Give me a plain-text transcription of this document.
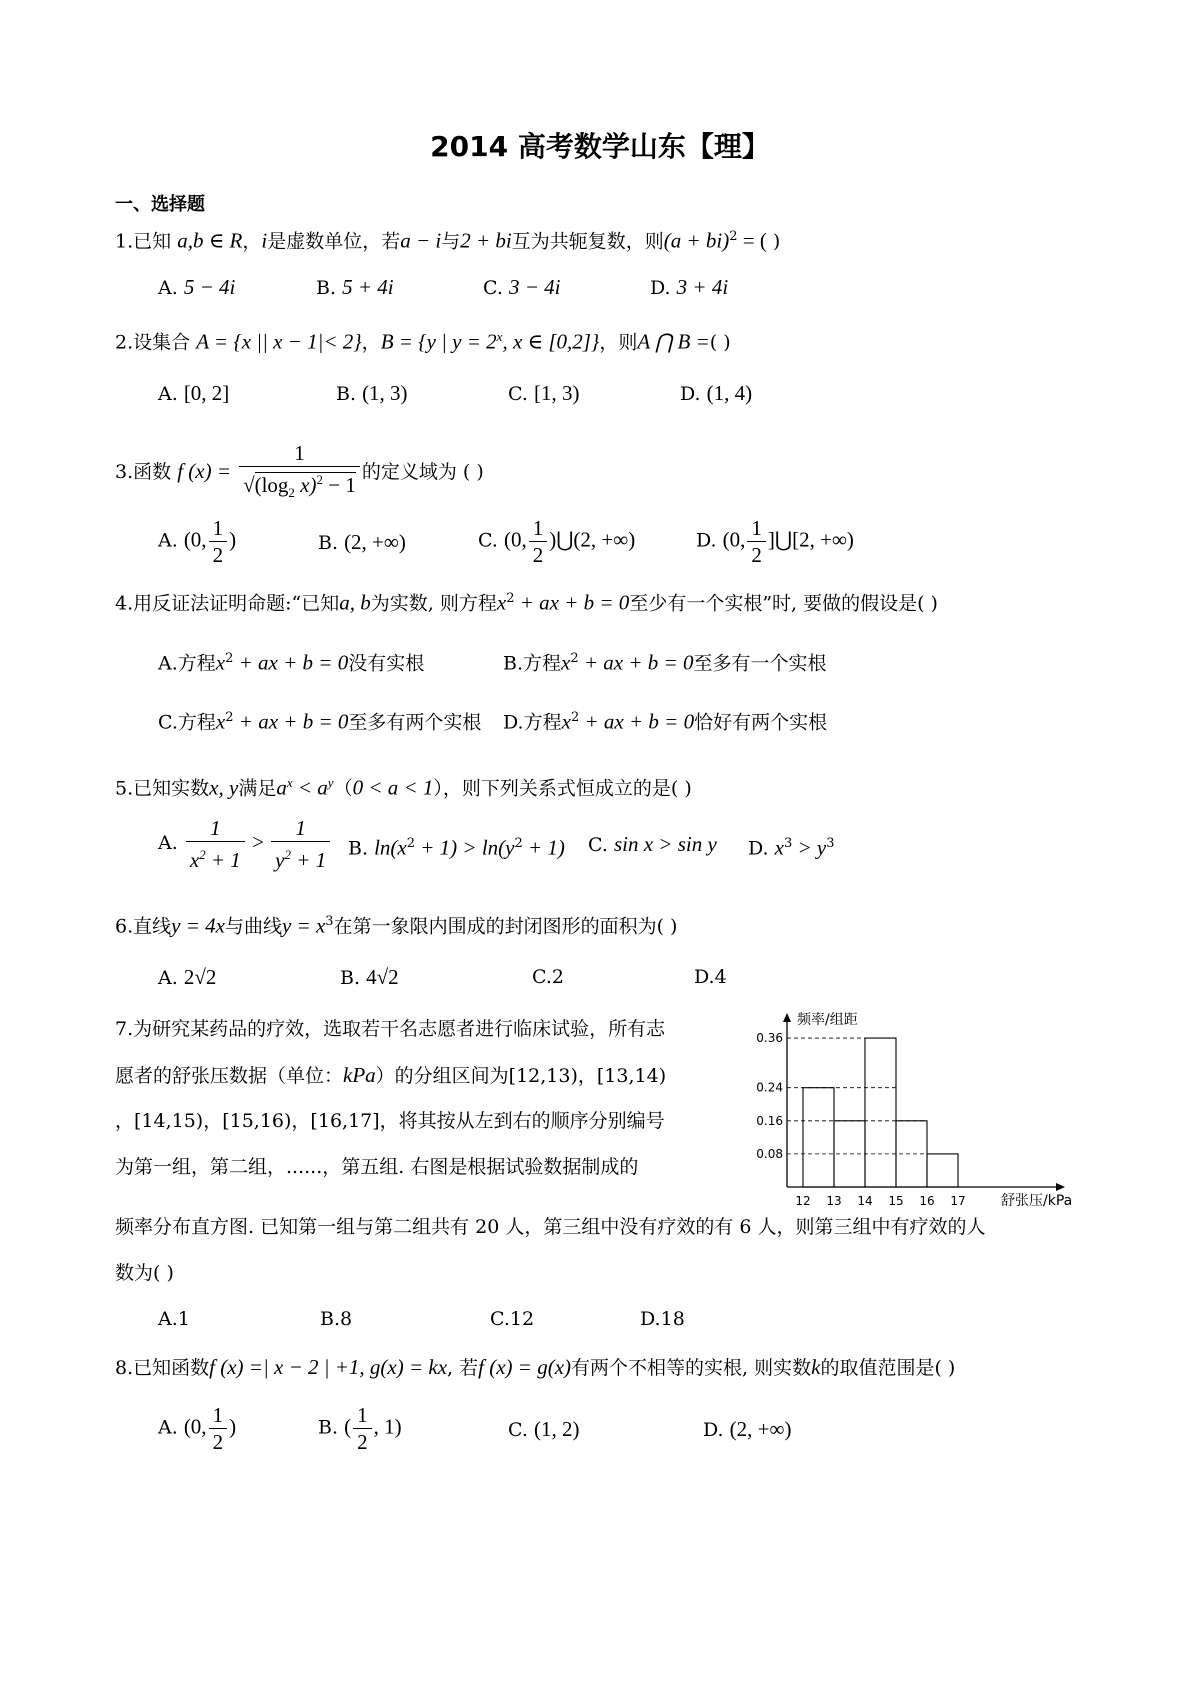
2014 高考数学山东【理】
一、选择题
1.已知 a,b ∈ R，i是虚数单位，若a − i与2 + bi互为共轭复数，则(a + bi)$^2$ = ( )
A. 5 − 4i	B. 5 + 4i	C. 3 − 4i	D. 3 + 4i
2.设集合 A = {x || x − 1|< 2}，B = {y | $y = 2^x$, x ∈ [0,2]}，则A ⋂ B =( )
A. [0, 2]	B. (1, 3)	C. [1, 3)	D. (1, 4)
3.函数 f $(x) = \frac{1}{√(\log_2 x)^2 - 1}$ 的定义域为 ( )
A. (0, $\frac{1}{2}$ )	B. (2, +∞)	C. (0, $\frac{1}{2}$ )⋃(2, +∞)	D. (0, $\frac{1}{2}$ ]⋃[2, +∞)
4.用反证法证明命题:“已知a, b为实数, 则方程$x^2$ + ax + b = 0至少有一个实根”时, 要做的假设是( )
A.方程$x^2$ + ax + b = 0没有实根	B.方程$x^2$ + ax + b = 0至多有一个实根
C.方程$x^2$ + ax + b = 0至多有两个实根 D.方程$x^2$ + ax + b = 0恰好有两个实根
5.已知实数x, y满足$a^x < a^y(0 < a < 1)$，则下列关系式恒成立的是( )
A. $\frac{1}{x^2 + 1} > \frac{1}{y^2 + 1} B$. $\ln(x^2 + 1) > \ln(y^2 + 1)$ C. sin x > sin y D. $x^3 > y^3$
6.直线y = 4x与曲线$y = x^3$在第一象限内围成的封闭图形的面积为( )
A. 2√2	B. 4√2	C.2	D.4
7.为研究某药品的疗效，选取若干名志愿者进行临床试验，所有志
愿者的舒张压数据（单位：kPa）的分组区间为[12,13)，[13,14)
，[14,15)，[15,16)，[16,17]，将其按从左到右的顺序分别编号
为第一组，第二组，......，第五组. 右图是根据试验数据制成的
频率分布直方图. 已知第一组与第二组共有 20 人，第三组中没有疗效的有 6 人，则第三组中有疗效的人
数为( )
A.1	B.8	C.12	D.18
频率/组距
舒张压/kPa
0.36
0.24
0.16
0.08
12 13 14 15 16 17
8.已知函数f (x) =| x − 2 | +1, g(x) = kx, 若f (x) = g(x)有两个不相等的实根, 则实数k的取值范围是( )
A. (0, $\frac{1}{2}$ )	B. ( $\frac{1}{2}$ , 1)	C. (1, 2)	D. (2, +∞)
